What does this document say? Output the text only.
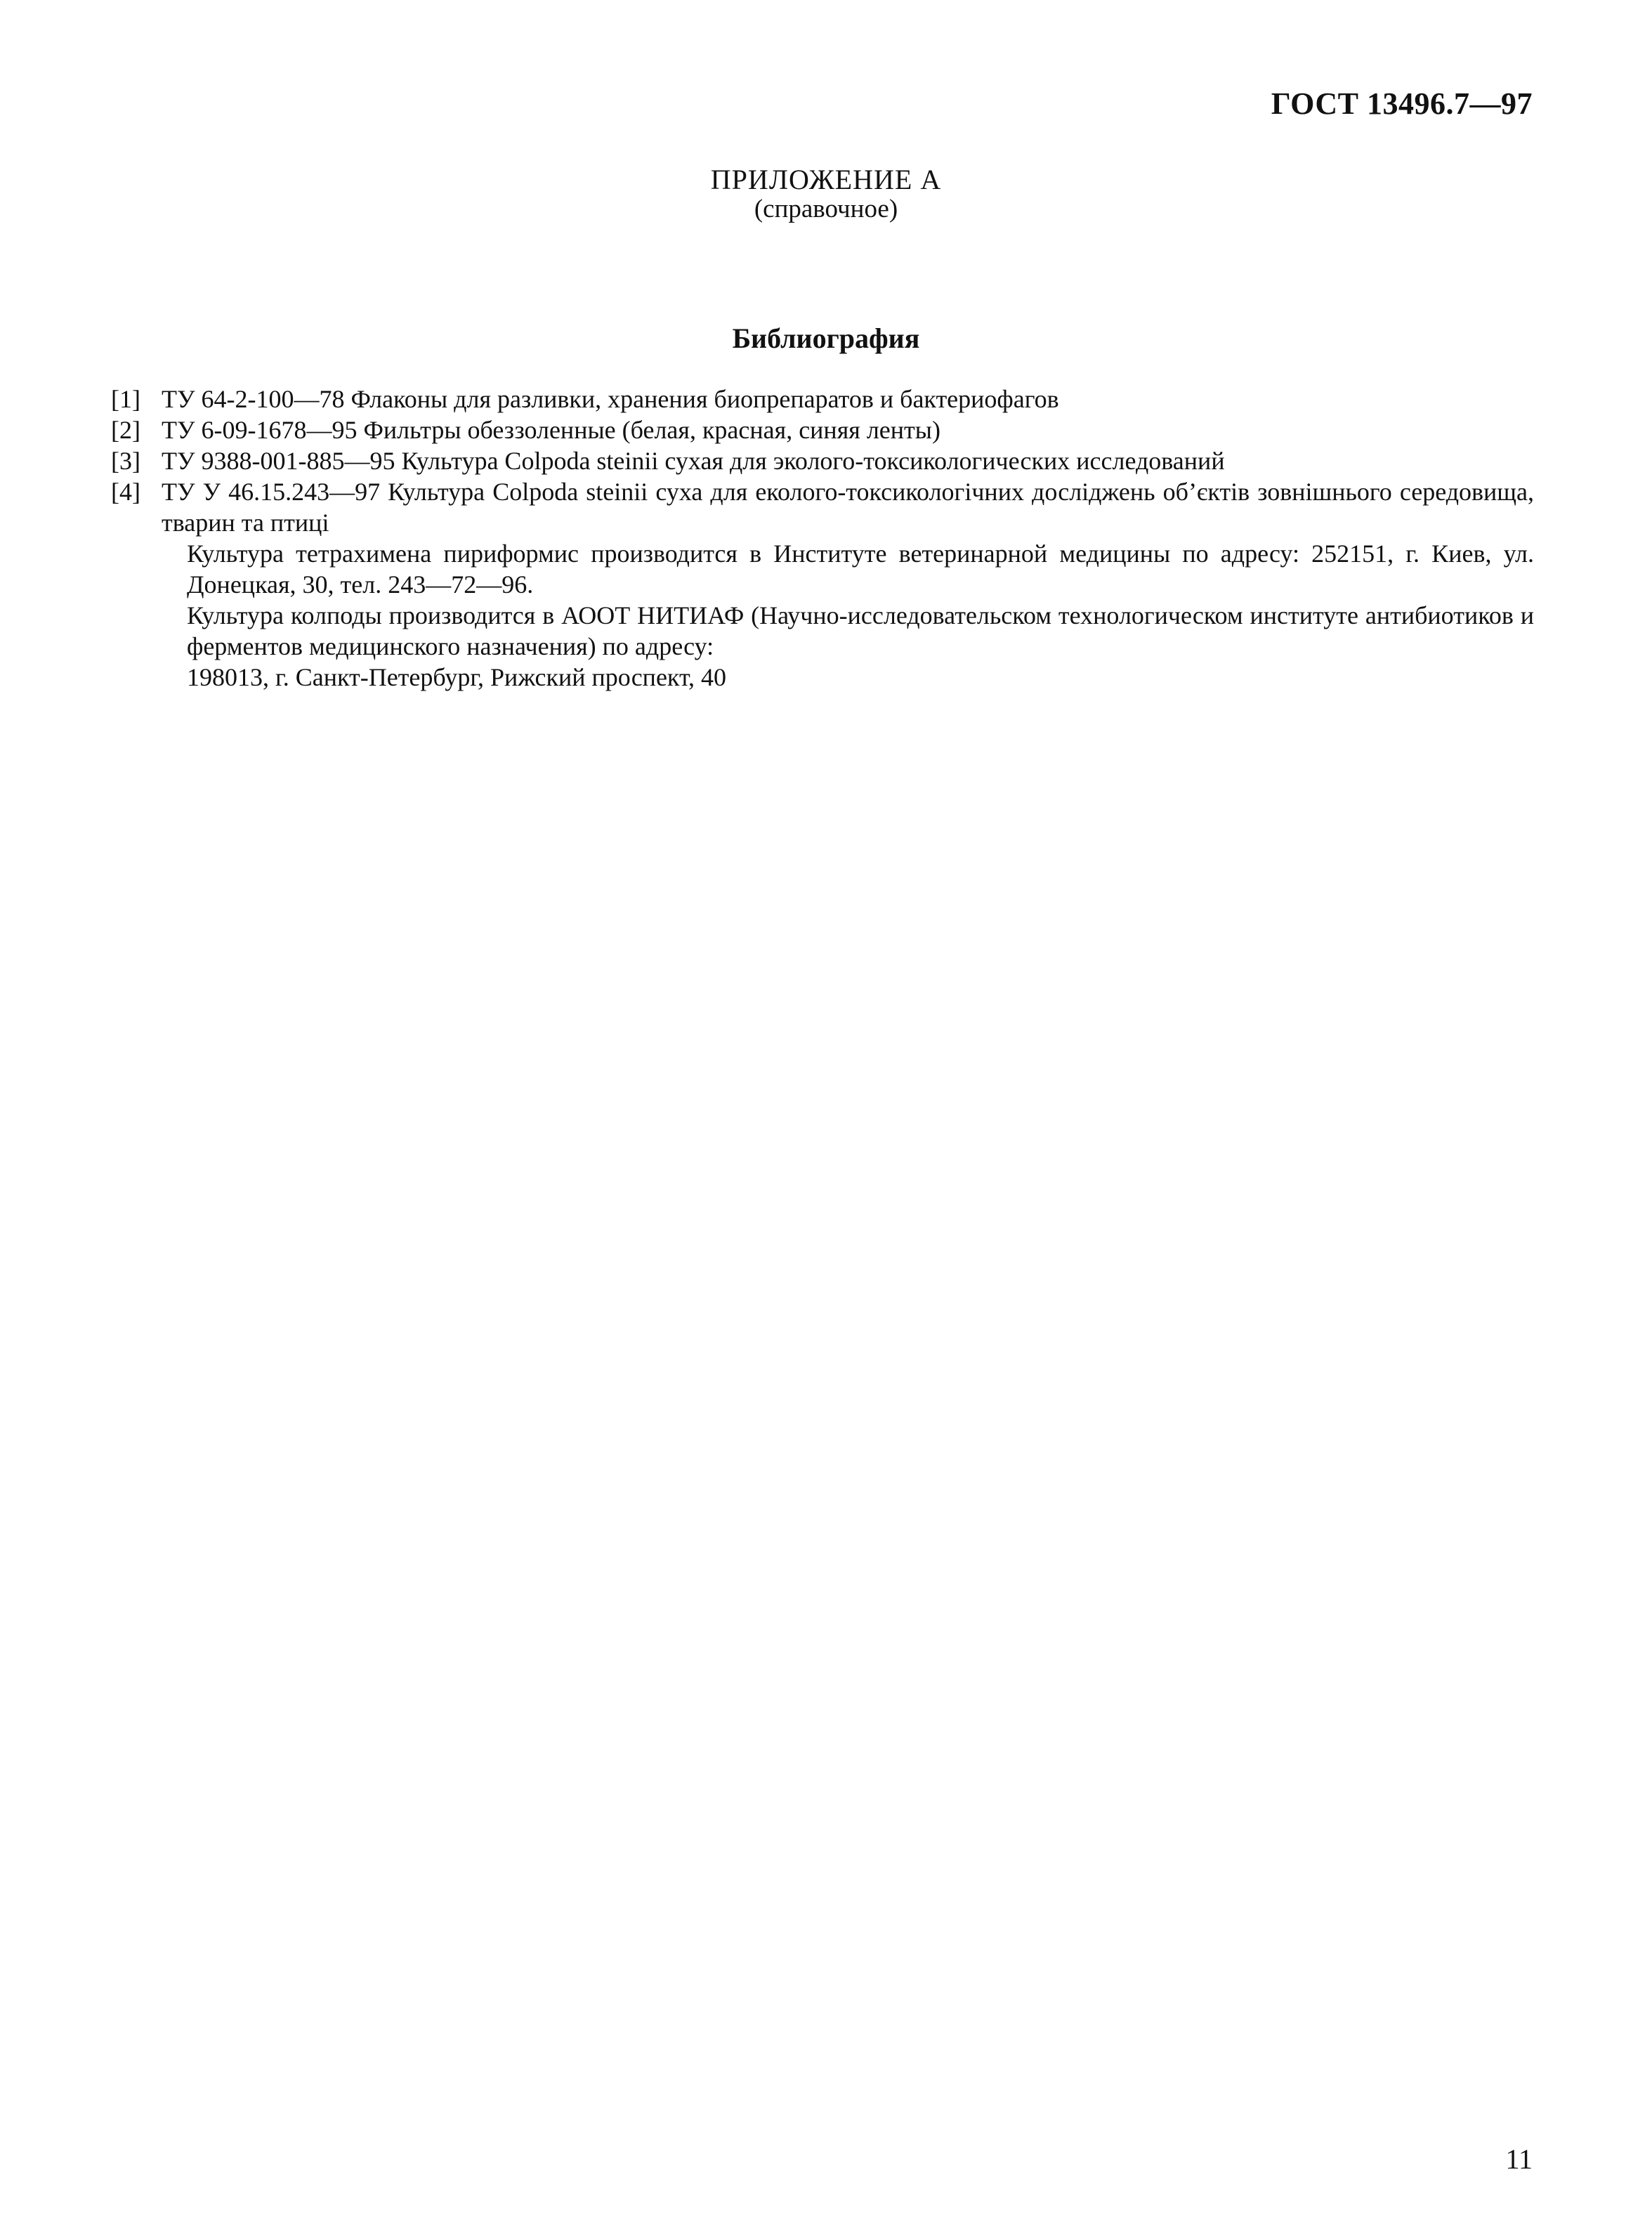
ГОСТ 13496.7—97
ПРИЛОЖЕНИЕ А
(справочное)
Библиография
[1] ТУ 64-2-100—78 Флаконы для разливки, хранения биопрепаратов и бактериофагов
[2] ТУ 6-09-1678—95 Фильтры обеззоленные (белая, красная, синяя ленты)
[3] ТУ 9388-001-885—95 Культура Colpoda steinii сухая для эколого-токсикологических исследований
[4] ТУ У 46.15.243—97 Культура Colpoda steinii суха для еколого-токсикологічних досліджень об’єктів зовнішнього середовища, тварин та птиці
Культура тетрахимена пириформис производится в Институте ветеринарной медицины по адресу: 252151, г. Киев, ул. Донецкая, 30, тел. 243—72—96.
Культура колподы производится в АООТ НИТИАФ (Научно-исследовательском технологическом институте антибиотиков и ферментов медицинского назначения) по адресу:
198013, г. Санкт-Петербург, Рижский проспект, 40
11
